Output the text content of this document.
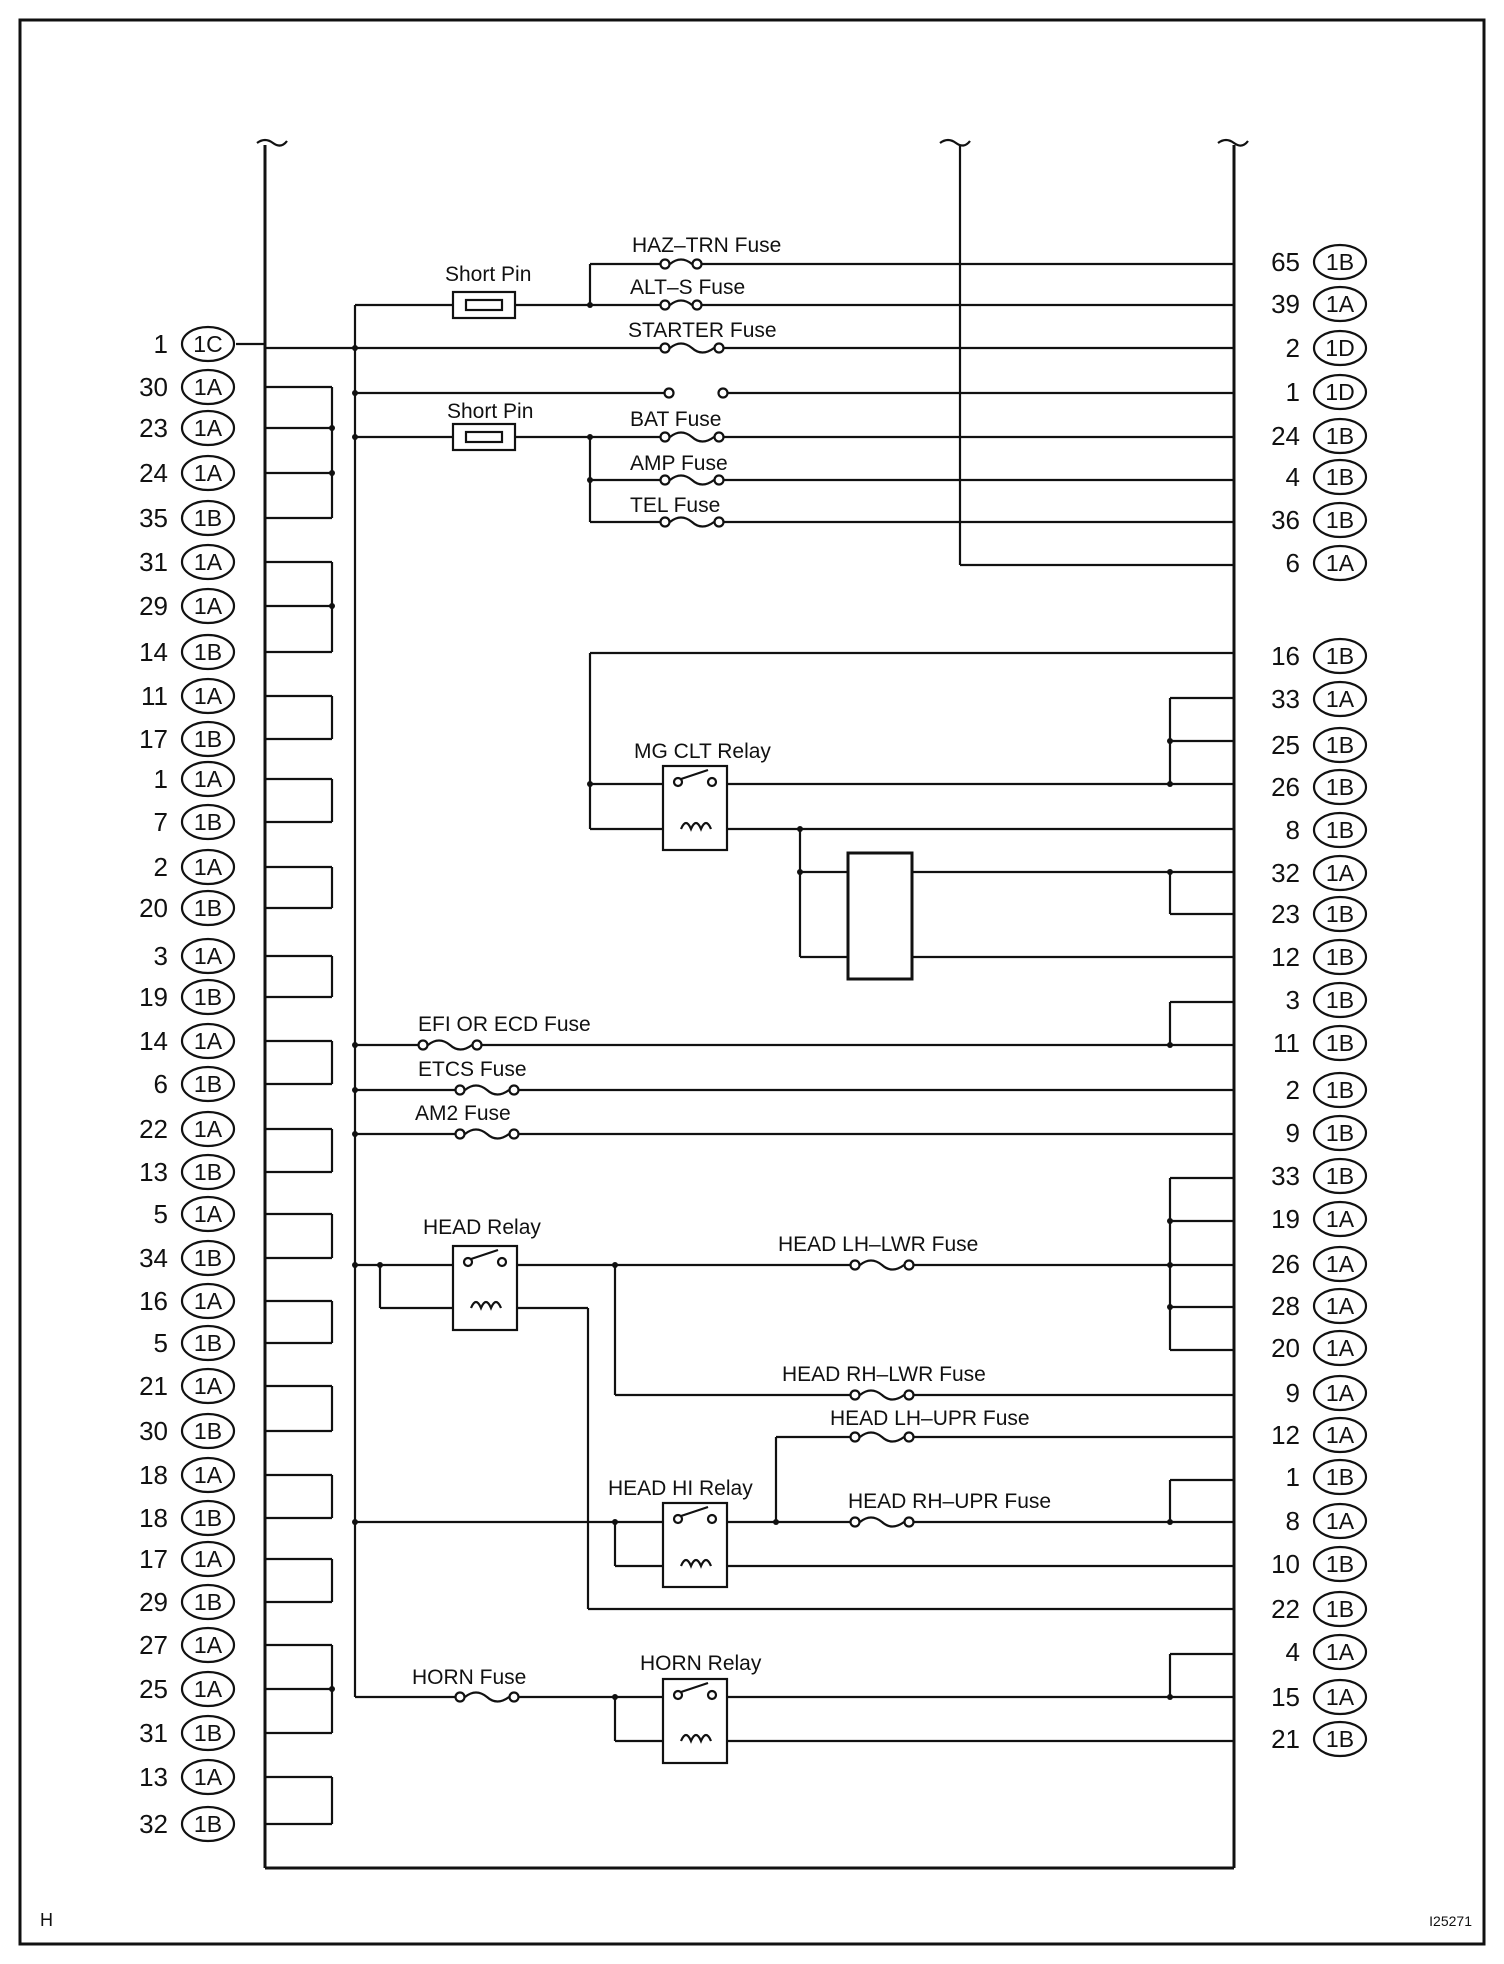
1 1C
30 1A
23 1A
24 1A
35 1B
31 1A
29 1A
14 1B
11 1A
17 1B
1 1A
7 1B
2 1A
20 1B
3 1A
19 1B
14 1A
6 1B
22 1A
13 1B
5 1A
34 1B
16 1A
5 1B
21 1A
30 1B
18 1A
18 1B
17 1A
29 1B
27 1A
25 1A
31 1B
13 1A
32 1B
65 1B
39 1A
2 1D
1 1D
24 1B
4 1B
36 1B
6 1A
16 1B
33 1A
25 1B
26 1B
8 1B
32 1A
23 1B
12 1B
3 1B
11 1B
2 1B
9 1B
33 1B
19 1A
26 1A
28 1A
20 1A
9 1A
12 1A
1 1B
8 1A
10 1B
22 1B
4 1A
15 1A
21 1B
HAZ–TRN Fuse
ALT–S Fuse
STARTER Fuse
BAT Fuse
AMP Fuse
TEL Fuse
Short Pin
Short Pin
MG CLT Relay
EFI OR ECD Fuse
ETCS Fuse
AM2 Fuse
HEAD Relay
HEAD LH–LWR Fuse
HEAD RH–LWR Fuse
HEAD LH–UPR Fuse
HEAD HI Relay
HEAD RH–UPR Fuse
HORN Fuse
HORN Relay
H	I25271
